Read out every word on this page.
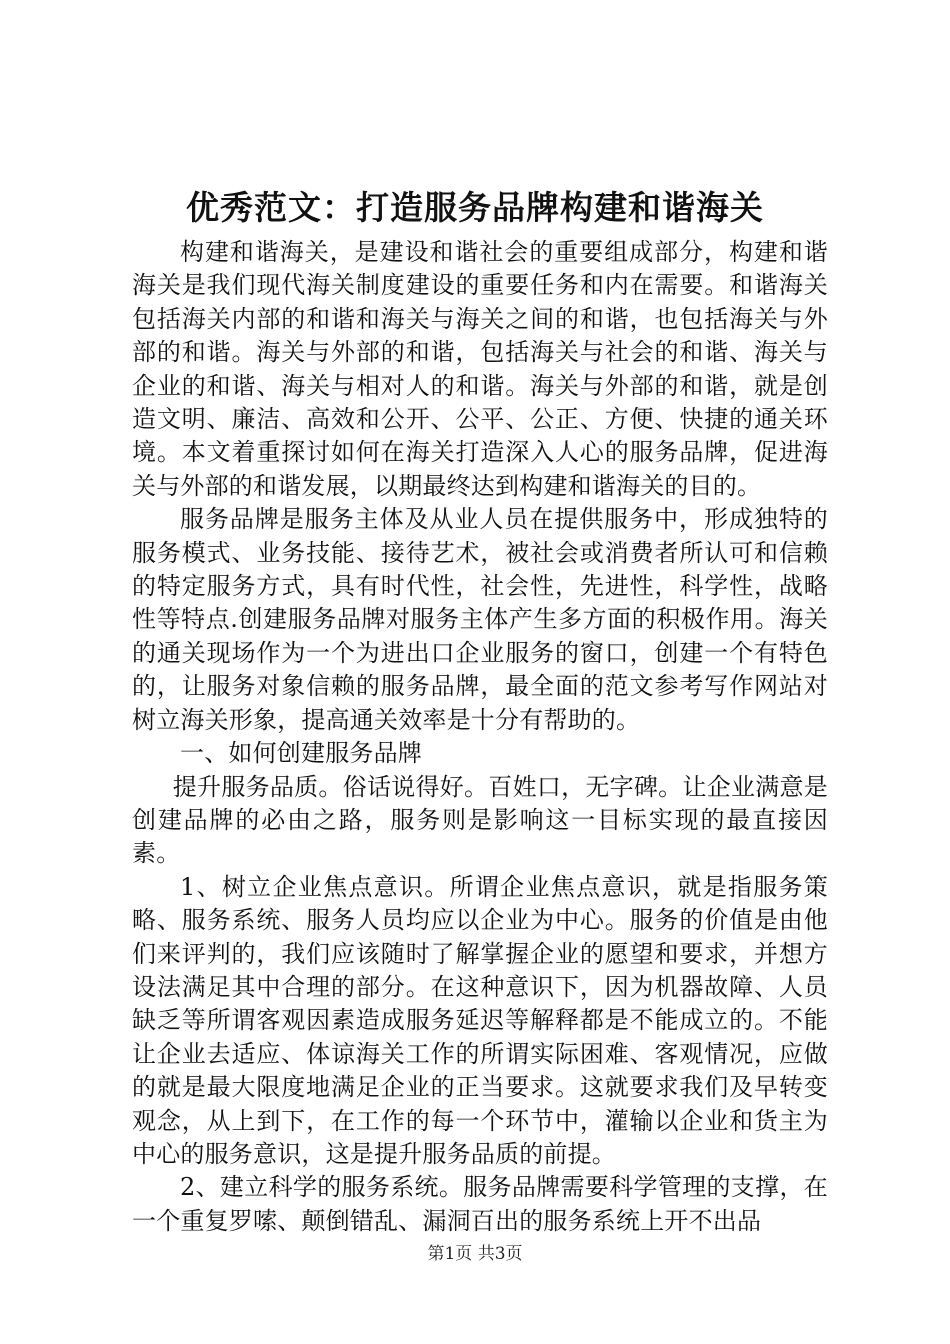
优秀范文：打造服务品牌构建和谐海关

构建和谐海关，是建设和谐社会的重要组成部分，构建和谐海关是我们现代海关制度建设的重要任务和内在需要。和谐海关包括海关内部的和谐和海关与海关之间的和谐，也包括海关与外部的和谐。海关与外部的和谐，包括海关与社会的和谐、海关与企业的和谐、海关与相对人的和谐。海关与外部的和谐，就是创造文明、廉洁、高效和公开、公平、公正、方便、快捷的通关环境。本文着重探讨如何在海关打造深入人心的服务品牌，促进海关与外部的和谐发展，以期最终达到构建和谐海关的目的。

服务品牌是服务主体及从业人员在提供服务中，形成独特的服务模式、业务技能、接待艺术，被社会或消费者所认可和信赖的特定服务方式，具有时代性，社会性，先进性，科学性，战略性等特点.创建服务品牌对服务主体产生多方面的积极作用。海关的通关现场作为一个为进出口企业服务的窗口，创建一个有特色的，让服务对象信赖的服务品牌，最全面的范文参考写作网站对树立海关形象，提高通关效率是十分有帮助的。

一、如何创建服务品牌

提升服务品质。俗话说得好。百姓口，无字碑。让企业满意是创建品牌的必由之路，服务则是影响这一目标实现的最直接因素。

1、树立企业焦点意识。所谓企业焦点意识，就是指服务策略、服务系统、服务人员均应以企业为中心。服务的价值是由他们来评判的，我们应该随时了解掌握企业的愿望和要求，并想方设法满足其中合理的部分。在这种意识下，因为机器故障、人员缺乏等所谓客观因素造成服务延迟等解释都是不能成立的。不能让企业去适应、体谅海关工作的所谓实际困难、客观情况，应做的就是最大限度地满足企业的正当要求。这就要求我们及早转变观念，从上到下，在工作的每一个环节中，灌输以企业和货主为中心的服务意识，这是提升服务品质的前提。

2、建立科学的服务系统。服务品牌需要科学管理的支撑，在一个重复罗嗦、颠倒错乱、漏洞百出的服务系统上开不出品

第1页 共3页
